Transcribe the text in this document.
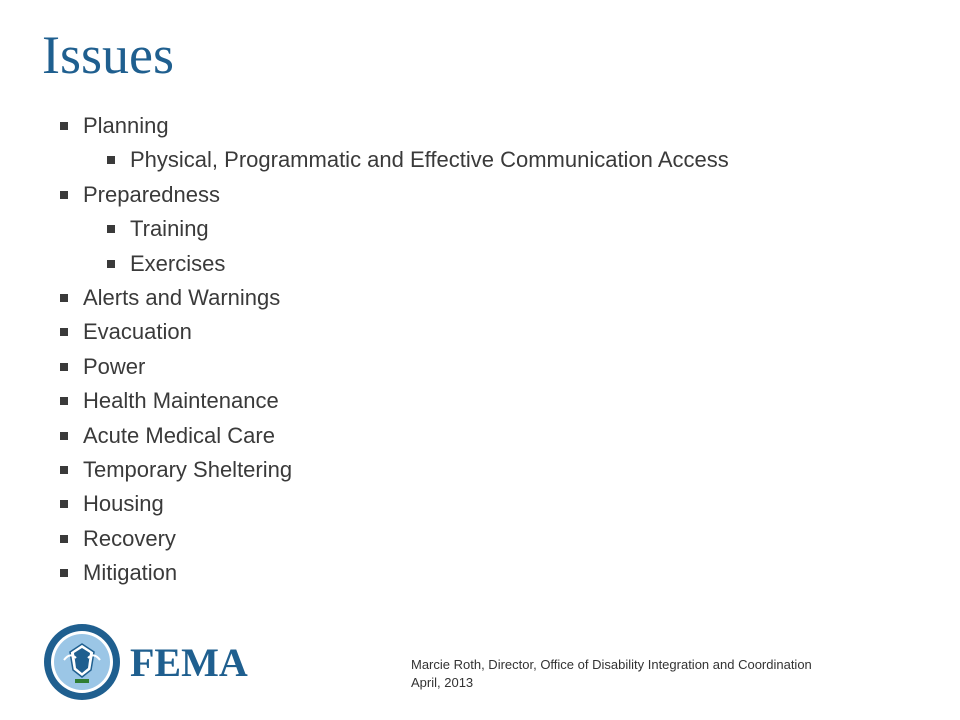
Issues
Planning
Physical, Programmatic and Effective Communication Access
Preparedness
Training
Exercises
Alerts and Warnings
Evacuation
Power
Health Maintenance
Acute Medical Care
Temporary Sheltering
Housing
Recovery
Mitigation
FEMA	Marcie Roth, Director, Office of Disability Integration and Coordination
April, 2013
